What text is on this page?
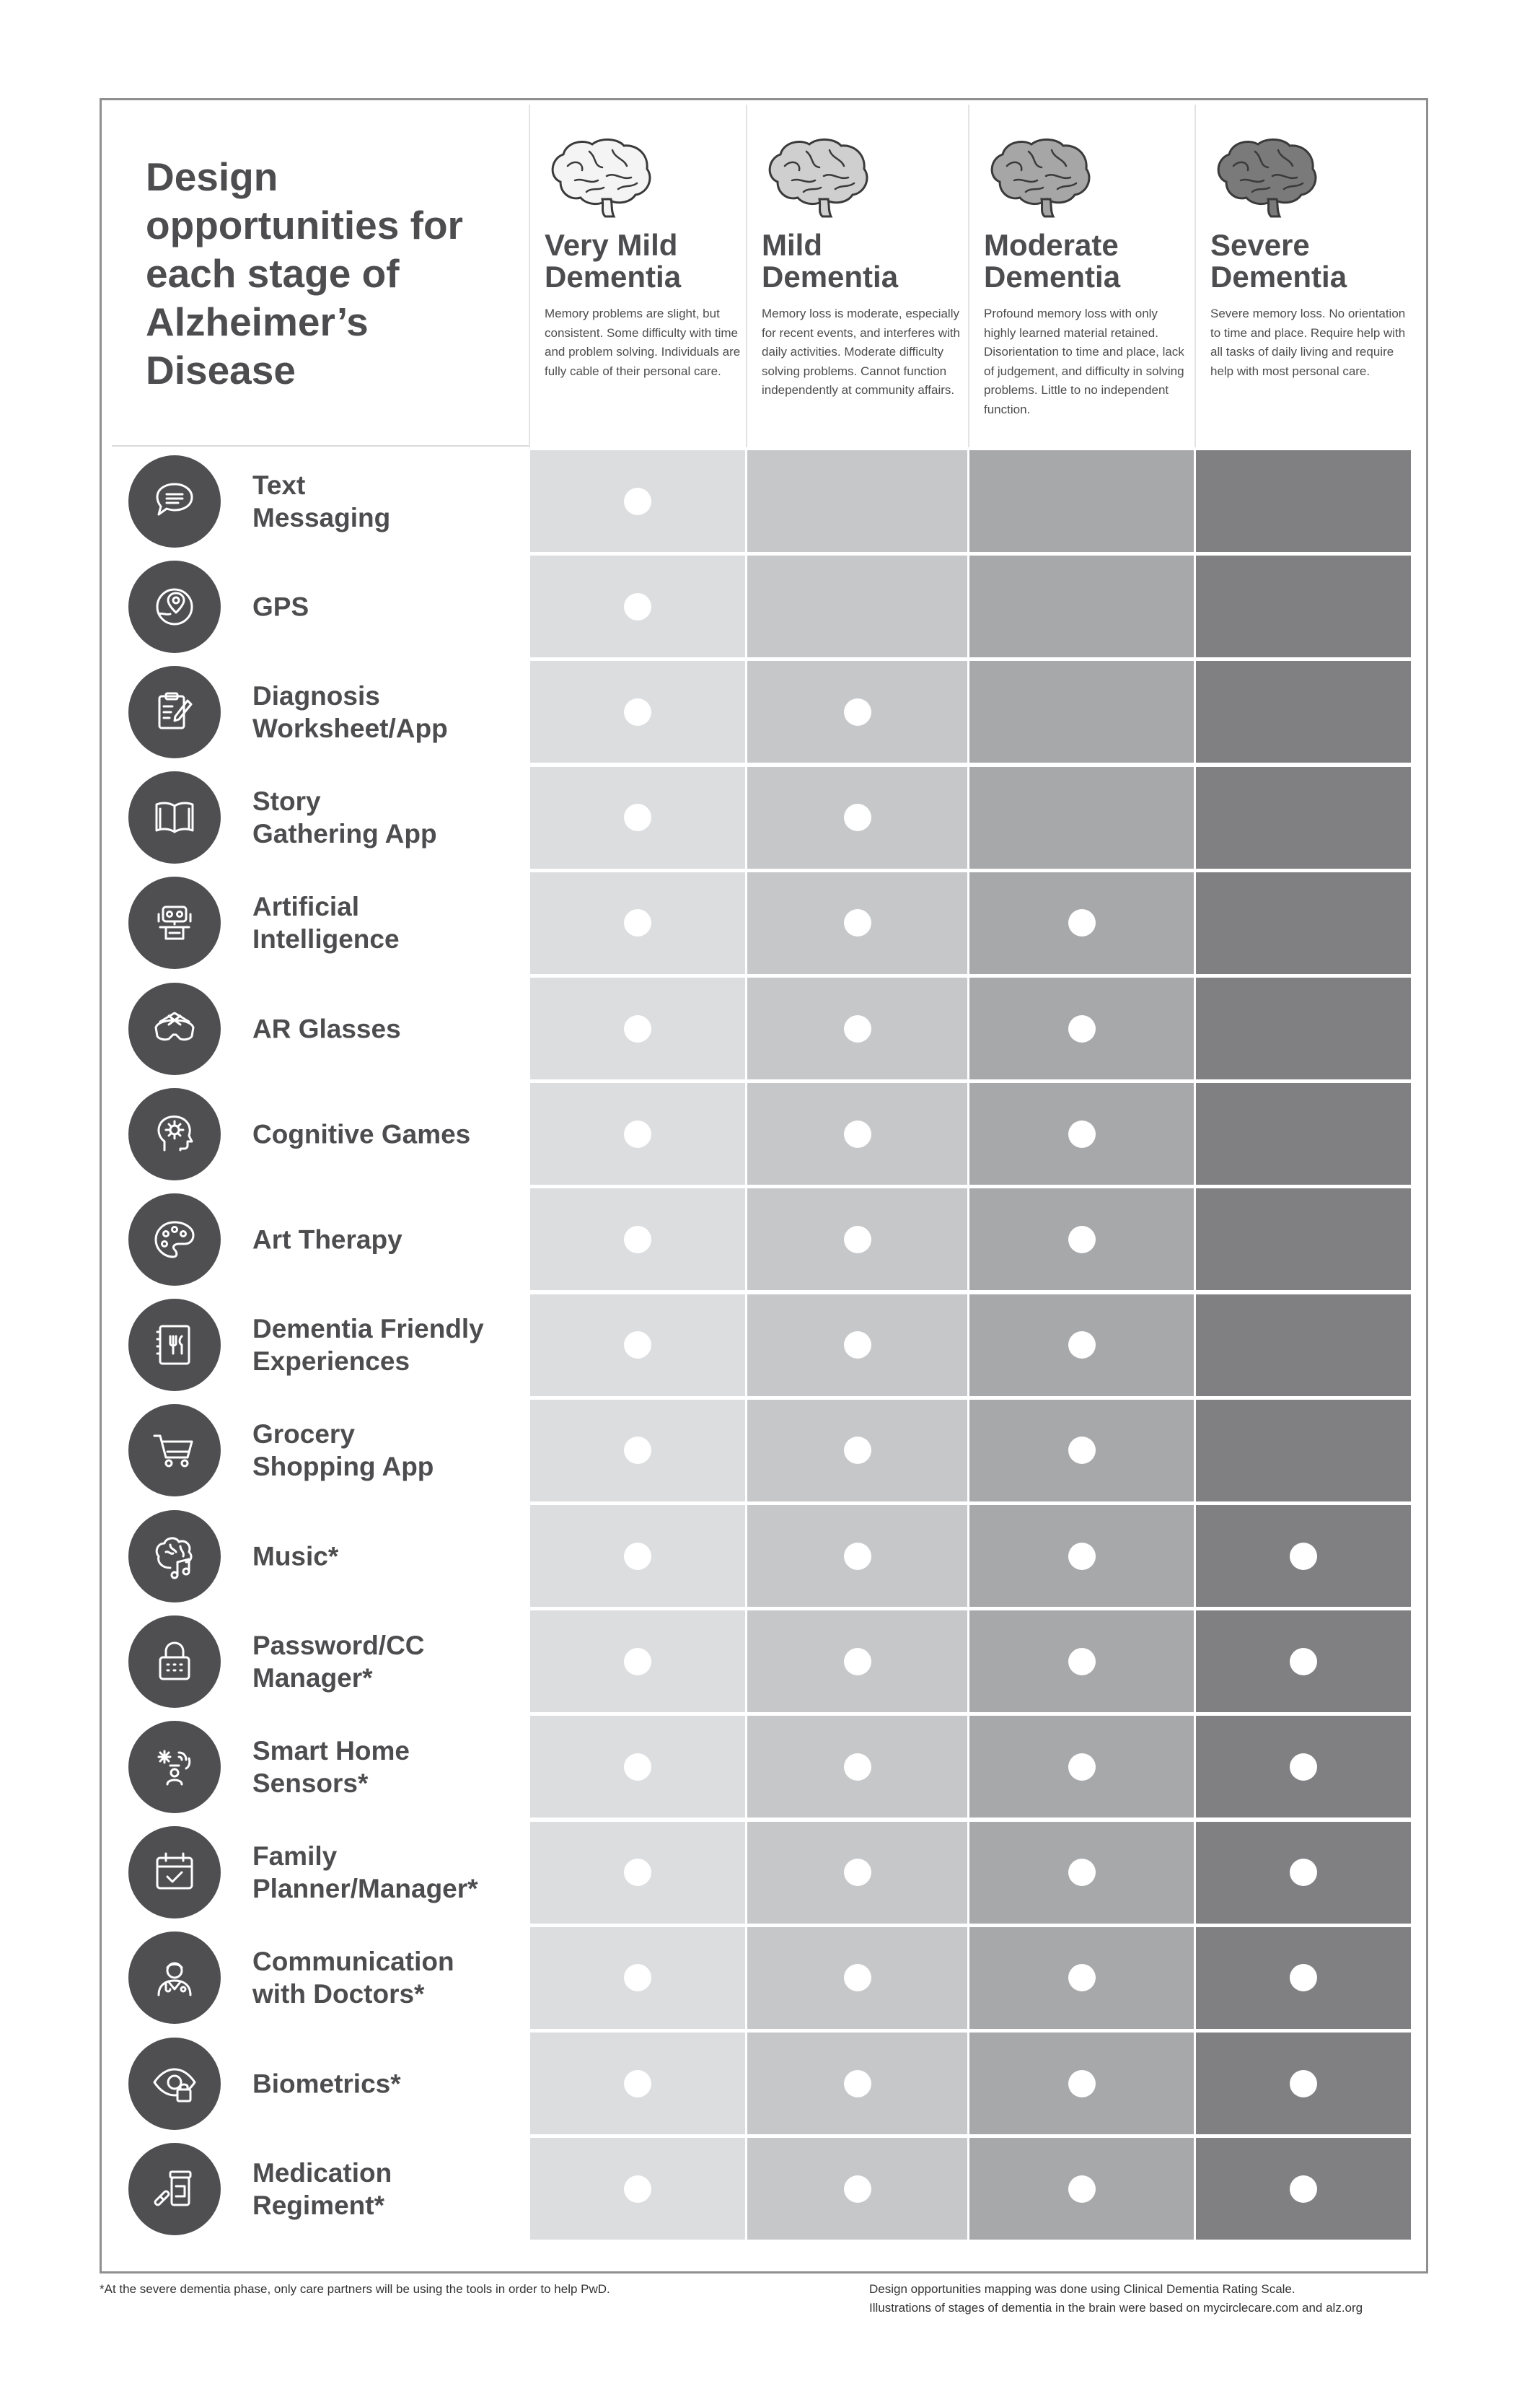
Design opportunities for each stage of Alzheimer’s Disease
Very Mild
Dementia

Memory problems are slight, but consistent. Some difficulty with time and problem solving. Individuals are fully cable of their personal care.

Mild
Dementia

Memory loss is moderate, especially for recent events, and interferes with daily activities. Moderate difficulty solving problems. Cannot function independently at community affairs.

Moderate
Dementia

Profound memory loss with only highly learned material retained. Disorientation to time and place, lack of judgement, and difficulty in solving problems. Little to no independent function.

Severe
Dementia

Severe memory loss. No orientation to time and place. Require help with all tasks of daily living and require help with most personal care.

Text
Messaging
GPS
Diagnosis
Worksheet/App
Story
Gathering App
Artificial
Intelligence
AR Glasses
Cognitive Games
Art Therapy
Dementia Friendly
Experiences
Grocery
Shopping App
Music*
Password/CC
Manager*
Smart Home
Sensors*
Family
Planner/Manager*
Communication
with Doctors*
Biometrics*
Medication
Regiment*

*At the severe dementia phase, only care partners will be using the tools in order to help PwD.	Design opportunities mapping was done using Clinical Dementia Rating Scale.

Illustrations of stages of dementia in the brain were based on mycirclecare.com and alz.org
